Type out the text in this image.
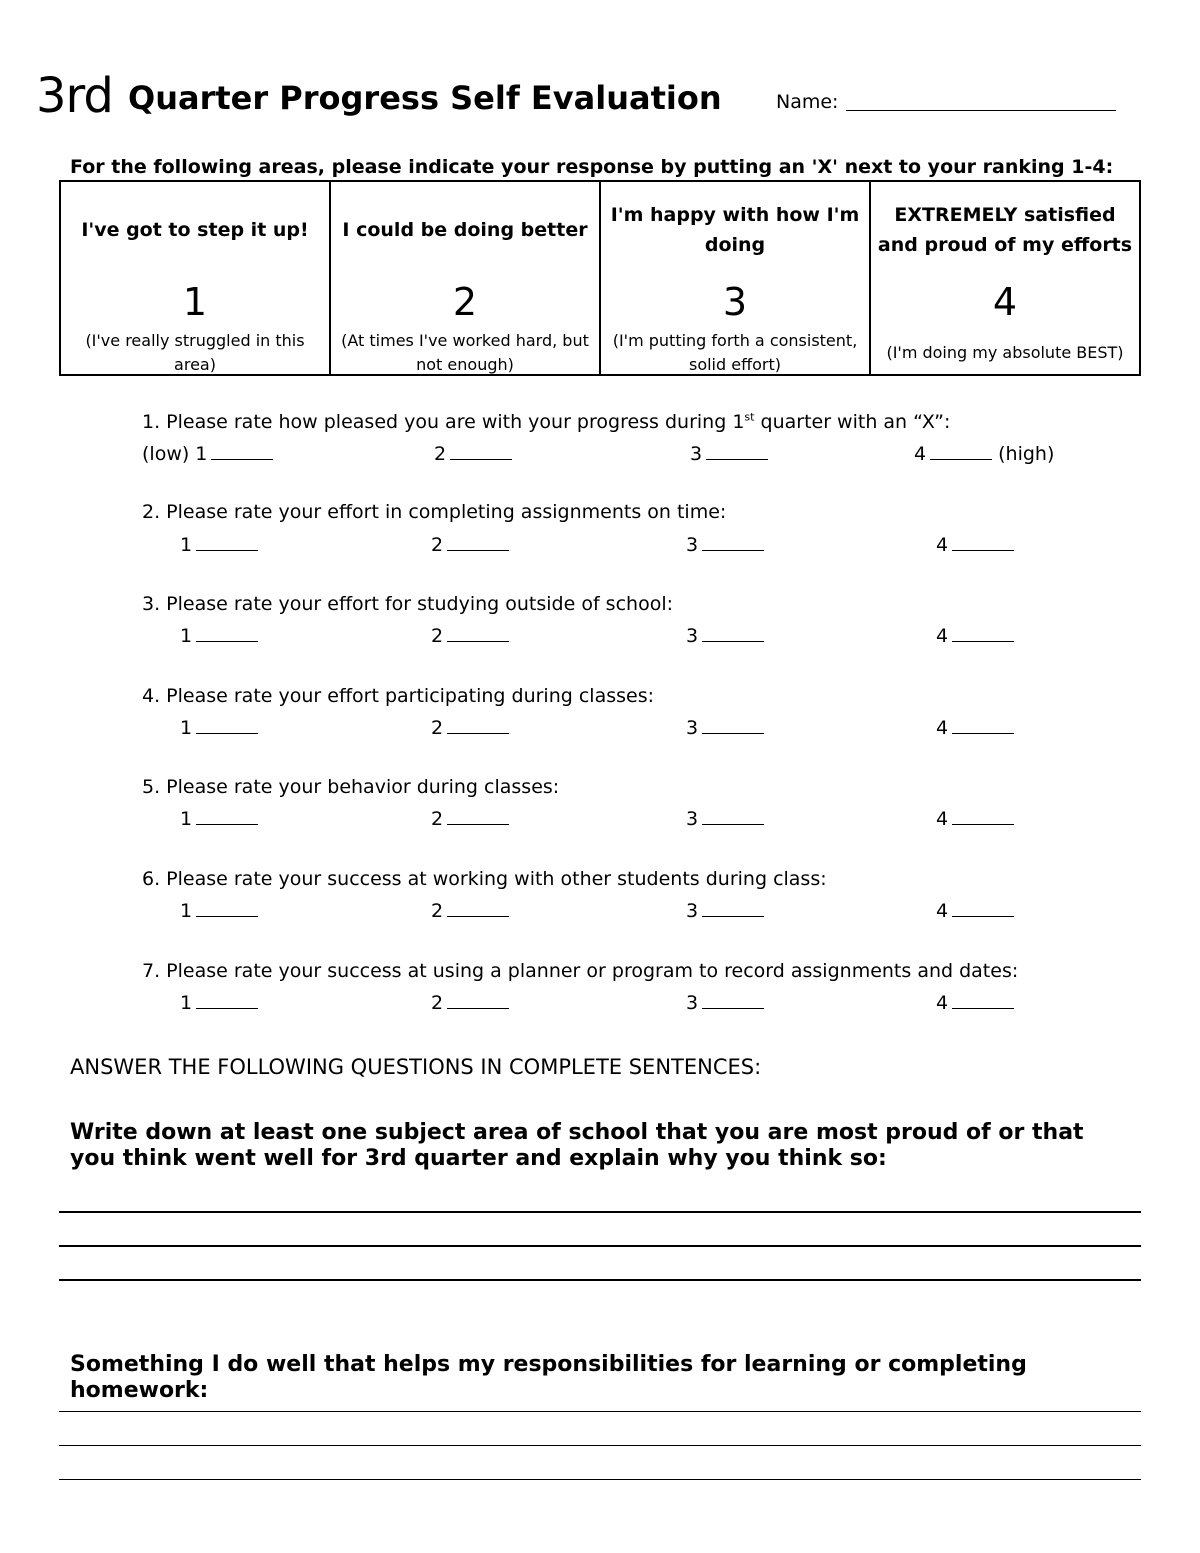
3rd Quarter Progress Self Evaluation	Name:
For the following areas, please indicate your response by putting an 'X' next to your ranking 1-4:
I've got to step it up!
1
(I've really struggled in this area)
I could be doing better
2
(At times I've worked hard, but not enough)
I'm happy with how I'm doing
3
(I'm putting forth a consistent, solid effort)
EXTREMELY satisfied and proud of my efforts
4
(I'm doing my absolute BEST)
1. Please rate how pleased you are with your progress during 1st quarter with an “X”:
(low) 1	2	3	4	(high)
2. Please rate your effort in completing assignments on time:
1	2	3	4
3. Please rate your effort for studying outside of school:
1	2	3	4
4. Please rate your effort participating during classes:
1	2	3	4
5. Please rate your behavior during classes:
1	2	3	4
6. Please rate your success at working with other students during class:
1	2	3	4
7. Please rate your success at using a planner or program to record assignments and dates:
1	2	3	4
ANSWER THE FOLLOWING QUESTIONS IN COMPLETE SENTENCES:
Write down at least one subject area of school that you are most proud of or that you think went well for 3rd quarter and explain why you think so:
Something I do well that helps my responsibilities for learning or completing homework:
